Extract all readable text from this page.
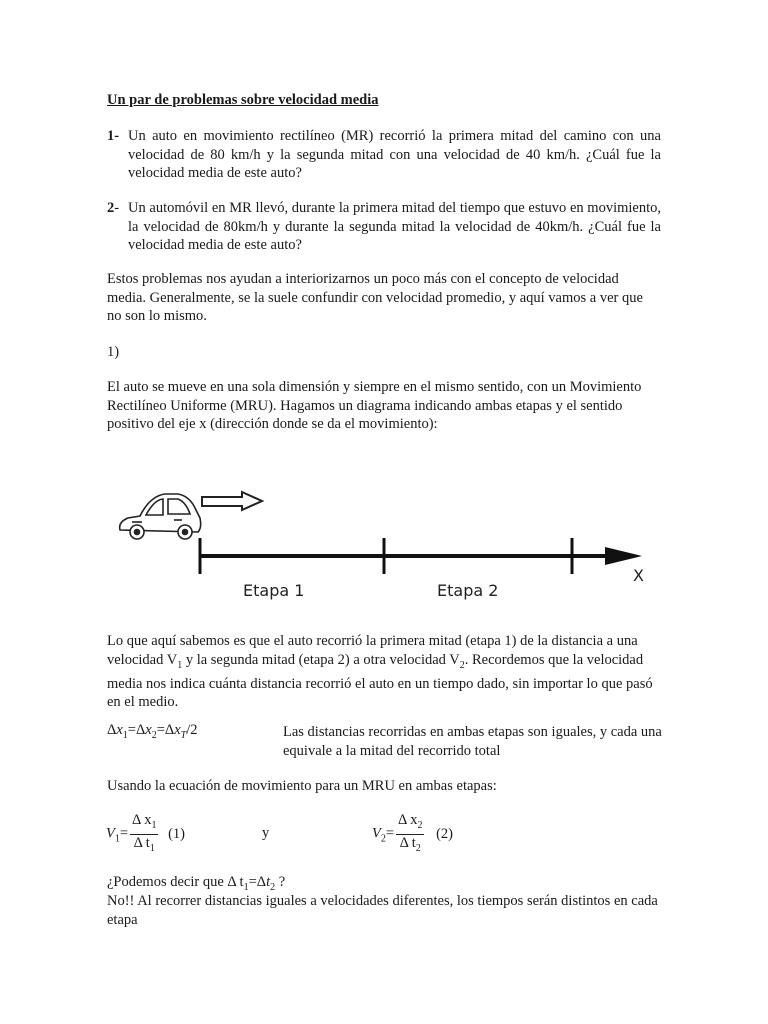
Un par de problemas sobre velocidad media
1- Un auto en movimiento rectilíneo (MR) recorrió la primera mitad del camino con una velocidad de 80 km/h y la segunda mitad con una velocidad de 40 km/h. ¿Cuál fue la velocidad media de este auto?
2- Un automóvil en MR llevó, durante la primera mitad del tiempo que estuvo en movimiento, la velocidad de 80km/h y durante la segunda mitad la velocidad de 40km/h. ¿Cuál fue la velocidad media de este auto?
Estos problemas nos ayudan a interiorizarnos un poco más con el concepto de velocidad media. Generalmente, se la suele confundir con velocidad promedio, y aquí vamos a ver que no son lo mismo.
1)
El auto se mueve en una sola dimensión y siempre en el mismo sentido, con un Movimiento Rectilíneo Uniforme (MRU). Hagamos un diagrama indicando ambas etapas y el sentido positivo del eje x (dirección donde se da el movimiento):
Etapa 1	Etapa 2
X
Lo que aquí sabemos es que el auto recorrió la primera mitad (etapa 1) de la distancia a una velocidad $V_1$ y la segunda mitad (etapa 2) a otra velocidad $V_2$. Recordemos que la velocidad media nos indica cuánta distancia recorrió el auto en un tiempo dado, sin importar lo que pasó en el medio.
$\Delta x_1=\Delta x_2=\Delta x_T/2$	Las distancias recorridas en ambas etapas son iguales, y cada una equivale a la mitad del recorrido total
Usando la ecuación de movimiento para un MRU en ambas etapas:
$V_1= \frac{\Delta x_1}{\Delta t_1} (1)$	y	$V_2= \frac{\Delta x_2}{\Delta t_2} (2)$
¿Podemos decir que Δ $t_1=\Delta t_2$ ?
No!! Al recorrer distancias iguales a velocidades diferentes, los tiempos serán distintos en cada etapa
